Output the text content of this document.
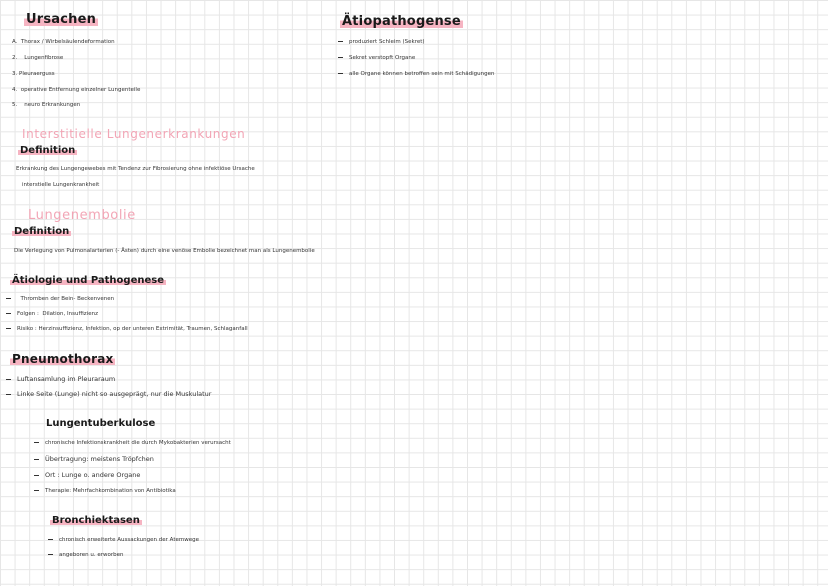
Ursachen
A. Thorax / Wirbelsäulendeformation
2. Lungenfibrose
3. Pleuraerguss
4. operative Entfernung einzelner Lungenteile
5. neuro Erkrankungen
Ätiopathogense
produziert Schleim (Sekret)
Sekret verstopft Organe
alle Organe können betroffen sein mit Schädigungen
Interstitielle Lungenerkrankungen
Definition
Erkrankung des Lungengewebes mit Tendenz zur Fibrosierung ohne infektiöse Ursache
interstielle Lungenkrankheit
Lungenembolie
Definition
Die Verlegung von Pulmonalarterien (- Ästen) durch eine venöse Embolie bezeichnet man als Lungenembolie
Ätiologie und Pathogenese
Thromben der Bein- Beckenvenen
Folgen : Dilation, Insuffizienz
Risiko : Herzinsuffizienz, Infektion, op der unteren Extrimität, Traumen, Schlaganfall
Pneumothorax
Luftansamlung im Pleuraraum
Linke Seite (Lunge) nicht so ausgeprägt, nur die Muskulatur
Lungentuberkulose
chronische Infektionskrankheit die durch Mykobakterien verursacht
Übertragung: meistens Tröpfchen
Ort : Lunge o. andere Organe
Therapie: Mehrfachkombination von Antibiotika
Bronchiektasen
chronisch erweiterte Aussackungen der Atemwege
angeboren u. erworben
